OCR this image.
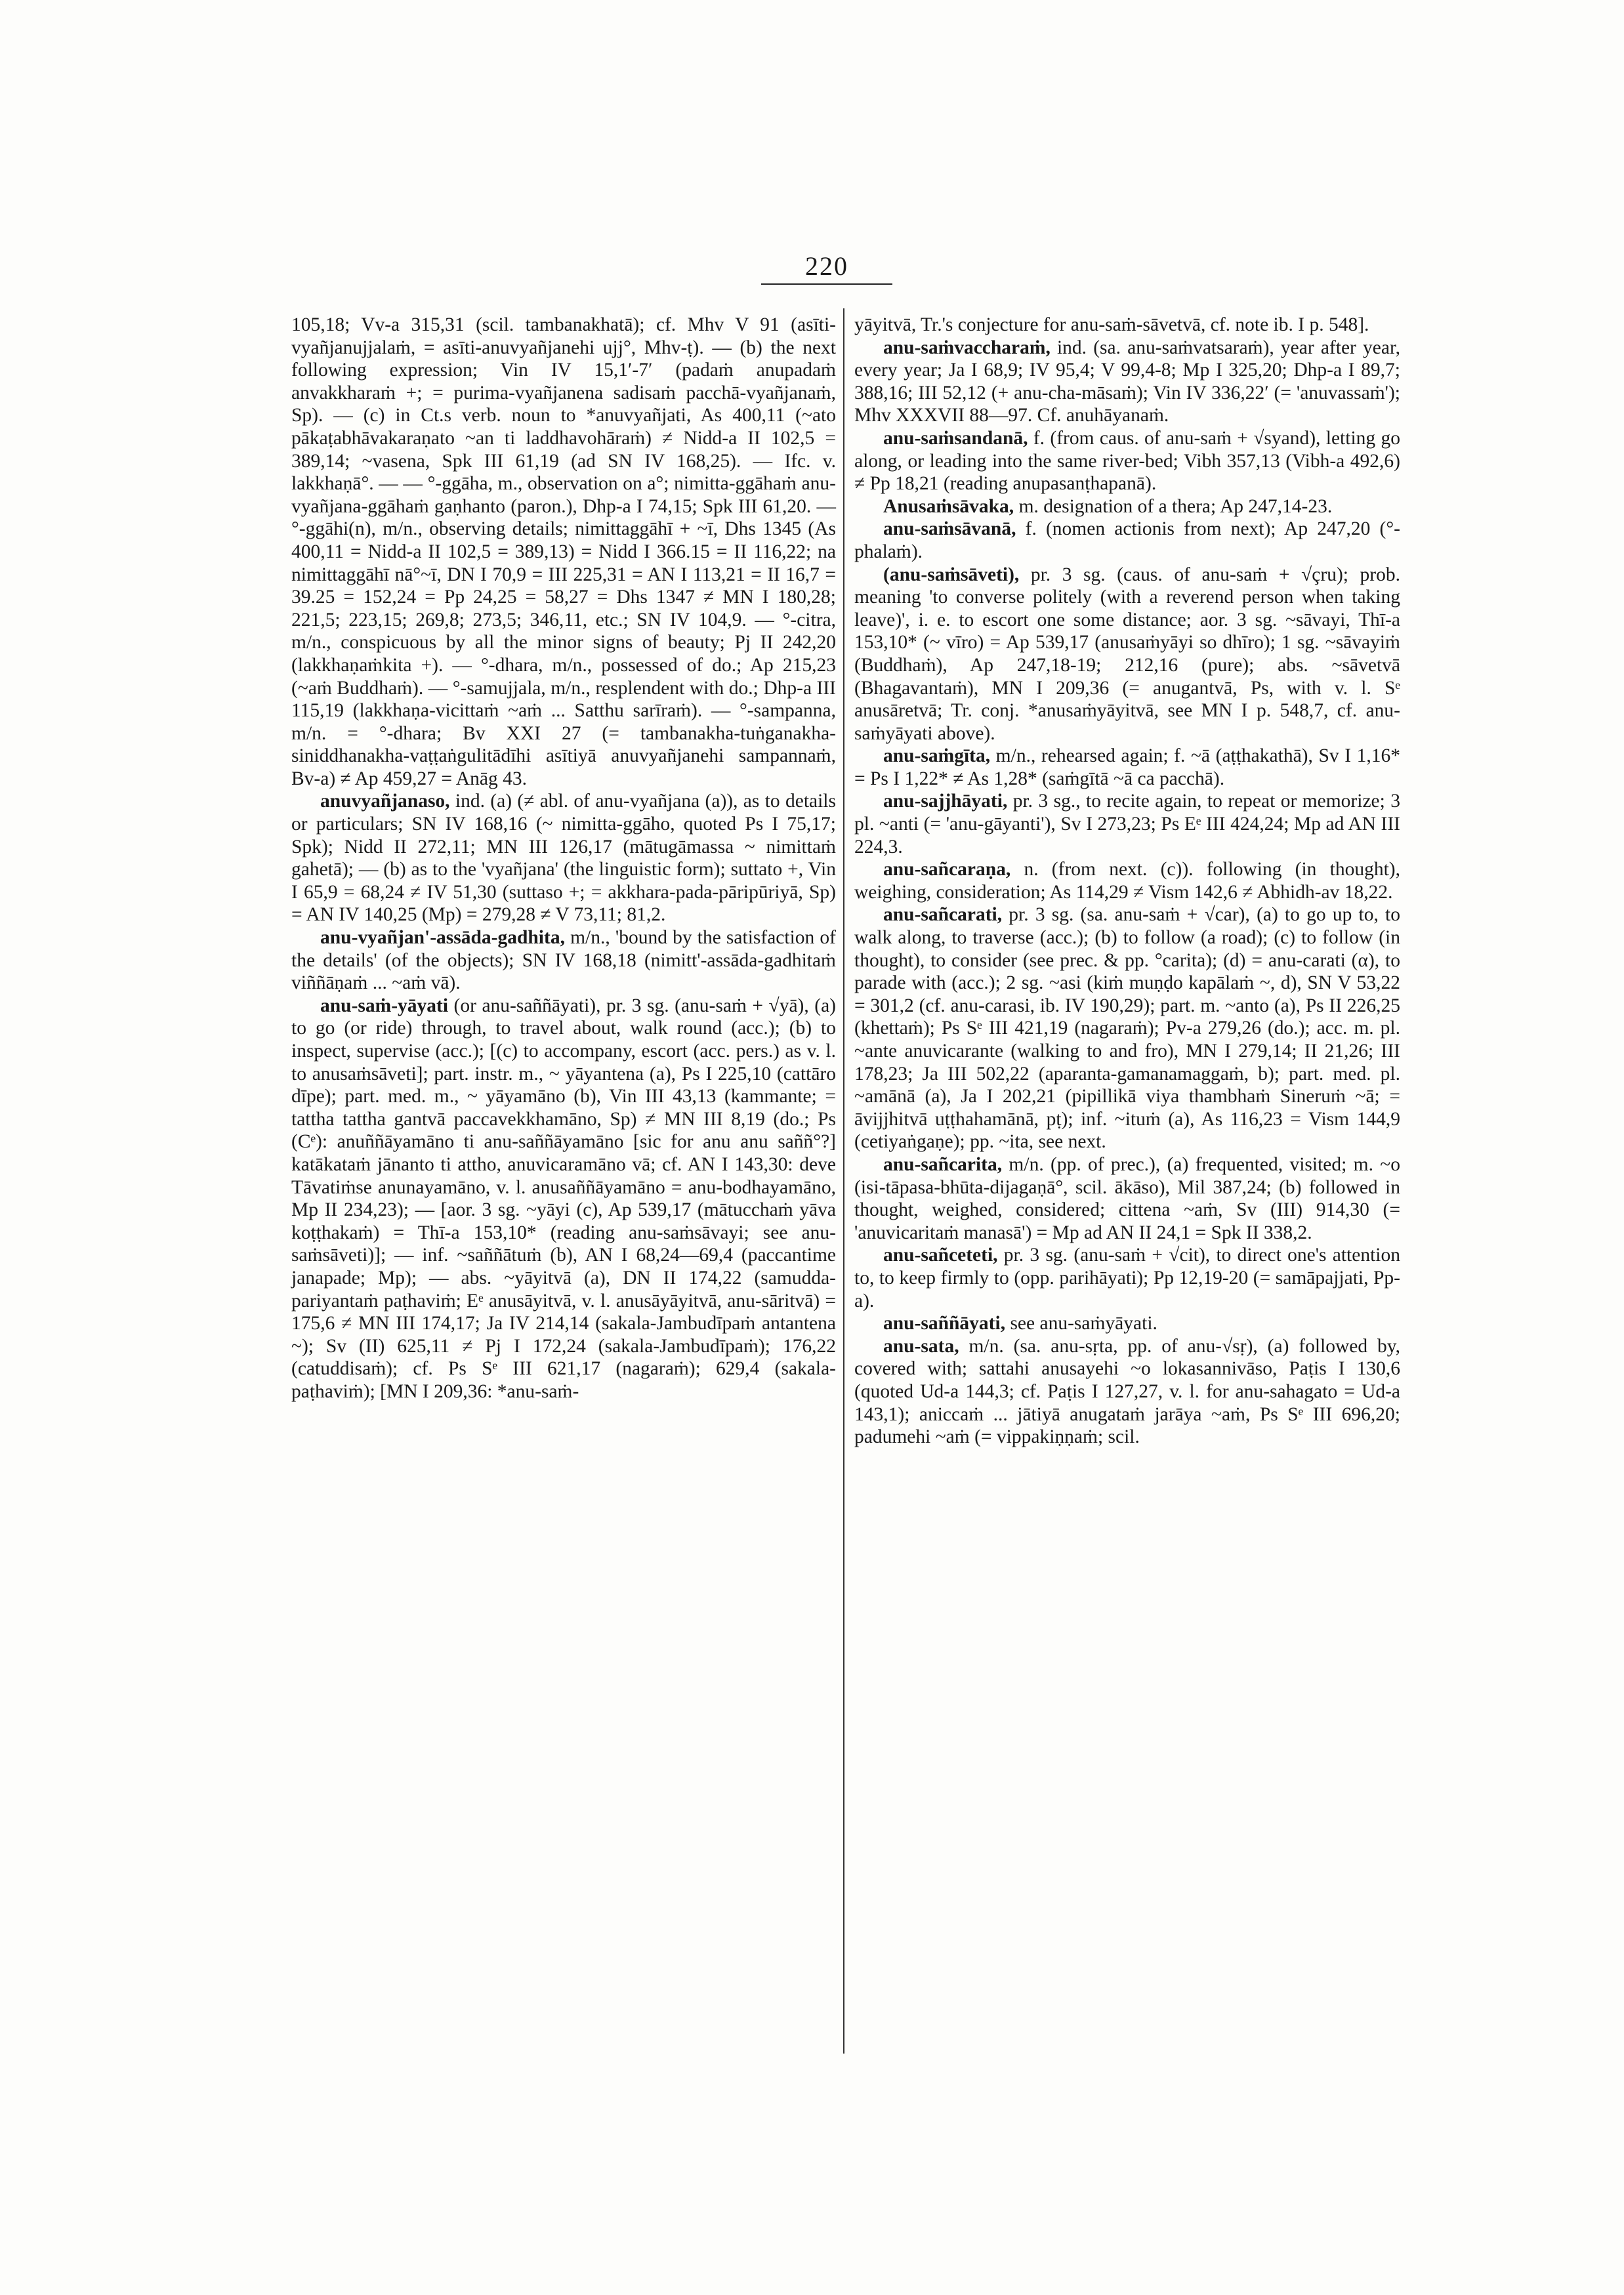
220

105,18; Vv-a 315,31 (scil. tambanakhatā); cf. Mhv V 91 (asīti-vyañjanujjalaṁ, = asīti-anuvyañjanehi ujj°, Mhv-ṭ). — (b) the next following expression; Vin IV 15,1′-7′ (padaṁ anupadaṁ anvakkharaṁ +; = purima-vyañjanena sadisaṁ pacchā-vyañjanaṁ, Sp). — (c) in Ct.s verb. noun to *anuvyañjati, As 400,11 (~ato pākaṭabhāvakaraṇato ~an ti laddhavohāraṁ) ≠ Nidd-a II 102,5 = 389,14; ~vasena, Spk III 61,19 (ad SN IV 168,25). — Ifc. v. lakkhaṇā°. — — °-ggāha, m., observation on a°; nimitta-ggāhaṁ anu-vyañjana-ggāhaṁ gaṇhanto (paron.), Dhp-a I 74,15; Spk III 61,20. — °-ggāhi(n), m/n., observing details; nimittaggāhī + ~ī, Dhs 1345 (As 400,11 = Nidd-a II 102,5 = 389,13) = Nidd I 366.15 = II 116,22; na nimittaggāhī nā°~ī, DN I 70,9 = III 225,31 = AN I 113,21 = II 16,7 = 39.25 = 152,24 = Pp 24,25 = 58,27 = Dhs 1347 ≠ MN I 180,28; 221,5; 223,15; 269,8; 273,5; 346,11, etc.; SN IV 104,9. — °-citra, m/n., conspicuous by all the minor signs of beauty; Pj II 242,20 (lakkhaṇaṁkita +). — °-dhara, m/n., possessed of do.; Ap 215,23 (~aṁ Buddhaṁ). — °-samujjala, m/n., resplendent with do.; Dhp-a III 115,19 (lakkhaṇa-vicittaṁ ~aṁ ... Satthu sarīraṁ). — °-sampanna, m/n. = °-dhara; Bv XXI 27 (= tambanakha-tuṅganakha-siniddhanakha-vaṭṭaṅgulitādīhi asītiyā anuvyañjanehi sampannaṁ, Bv-a) ≠ Ap 459,27 = Anāg 43.

anuvyañjanaso, ind. (a) (≠ abl. of anu-vyañjana (a)), as to details or particulars; SN IV 168,16 (~ nimitta-ggāho, quoted Ps I 75,17; Spk); Nidd II 272,11; MN III 126,17 (mātugāmassa ~ nimittaṁ gahetā); — (b) as to the 'vyañjana' (the linguistic form); suttato +, Vin I 65,9 = 68,24 ≠ IV 51,30 (suttaso +; = akkhara-pada-pāripūriyā, Sp) = AN IV 140,25 (Mp) = 279,28 ≠ V 73,11; 81,2.

anu-vyañjan'-assāda-gadhita, m/n., 'bound by the satisfaction of the details' (of the objects); SN IV 168,18 (nimitt'-assāda-gadhitaṁ viññāṇaṁ ... ~aṁ vā).

anu-saṁ-yāyati (or anu-saññāyati), pr. 3 sg. (anu-saṁ + √yā), (a) to go (or ride) through, to travel about, walk round (acc.); (b) to inspect, supervise (acc.); [(c) to accompany, escort (acc. pers.) as v. l. to anusaṁsāveti]; part. instr. m., ~ yāyantena (a), Ps I 225,10 (cattāro dīpe); part. med. m., ~ yāyamāno (b), Vin III 43,13 (kammante; = tattha tattha gantvā paccavekkhamāno, Sp) ≠ MN III 8,19 (do.; Ps (Cᵉ): anuññāyamāno ti anu-saññāyamāno [sic for anu anu saññ°?] katākataṁ jānanto ti attho, anuvicaramāno vā; cf. AN I 143,30: deve Tāvatiṁse anunayamāno, v. l. anusaññāyamāno = anu-bodhayamāno, Mp II 234,23); — [aor. 3 sg. ~yāyi (c), Ap 539,17 (mātucchaṁ yāva koṭṭhakaṁ) = Thī-a 153,10* (reading anu-saṁsāvayi; see anu-saṁsāveti)]; — inf. ~saññātuṁ (b), AN I 68,24—69,4 (paccantime janapade; Mp); — abs. ~yāyitvā (a), DN II 174,22 (samudda-pariyantaṁ paṭhaviṁ; Eᵉ anusāyitvā, v. l. anusāyāyitvā, anu-sāritvā) = 175,6 ≠ MN III 174,17; Ja IV 214,14 (sakala-Jambudīpaṁ antantena ~); Sv (II) 625,11 ≠ Pj I 172,24 (sakala-Jambudīpaṁ); 176,22 (catuddisaṁ); cf. Ps Sᵉ III 621,17 (nagaraṁ); 629,4 (sakala-paṭhaviṁ); [MN I 209,36: *anu-saṁ-

yāyitvā, Tr.'s conjecture for anu-saṁ-sāvetvā, cf. note ib. I p. 548].

anu-saṁvaccharaṁ, ind. (sa. anu-saṁvatsaraṁ), year after year, every year; Ja I 68,9; IV 95,4; V 99,4-8; Mp I 325,20; Dhp-a I 89,7; 388,16; III 52,12 (+ anu-cha-māsaṁ); Vin IV 336,22′ (= 'anuvassaṁ'); Mhv XXXVII 88—97. Cf. anuhāyanaṁ.

anu-saṁsandanā, f. (from caus. of anu-saṁ + √syand), letting go along, or leading into the same river-bed; Vibh 357,13 (Vibh-a 492,6) ≠ Pp 18,21 (reading anupasanṭhapanā).

Anusaṁsāvaka, m. designation of a thera; Ap 247,14-23.

anu-saṁsāvanā, f. (nomen actionis from next); Ap 247,20 (°-phalaṁ).

(anu-saṁsāveti), pr. 3 sg. (caus. of anu-saṁ + √çru); prob. meaning 'to converse politely (with a reverend person when taking leave)', i. e. to escort one some distance; aor. 3 sg. ~sāvayi, Thī-a 153,10* (~ vīro) = Ap 539,17 (anusaṁyāyi so dhīro); 1 sg. ~sāvayiṁ (Buddhaṁ), Ap 247,18-19; 212,16 (pure); abs. ~sāvetvā (Bhagavantaṁ), MN I 209,36 (= anugantvā, Ps, with v. l. Sᵉ anusāretvā; Tr. conj. *anusaṁyāyitvā, see MN I p. 548,7, cf. anu-saṁyāyati above).

anu-saṁgīta, m/n., rehearsed again; f. ~ā (aṭṭhakathā), Sv I 1,16* = Ps I 1,22* ≠ As 1,28* (saṁgītā ~ā ca pacchā).

anu-sajjhāyati, pr. 3 sg., to recite again, to repeat or memorize; 3 pl. ~anti (= 'anu-gāyanti'), Sv I 273,23; Ps Eᵉ III 424,24; Mp ad AN III 224,3.

anu-sañcaraṇa, n. (from next. (c)). following (in thought), weighing, consideration; As 114,29 ≠ Vism 142,6 ≠ Abhidh-av 18,22.

anu-sañcarati, pr. 3 sg. (sa. anu-saṁ + √car), (a) to go up to, to walk along, to traverse (acc.); (b) to follow (a road); (c) to follow (in thought), to consider (see prec. & pp. °carita); (d) = anu-carati (α), to parade with (acc.); 2 sg. ~asi (kiṁ muṇḍo kapālaṁ ~, d), SN V 53,22 = 301,2 (cf. anu-carasi, ib. IV 190,29); part. m. ~anto (a), Ps II 226,25 (khettaṁ); Ps Sᵉ III 421,19 (nagaraṁ); Pv-a 279,26 (do.); acc. m. pl. ~ante anuvicarante (walking to and fro), MN I 279,14; II 21,26; III 178,23; Ja III 502,22 (aparanta-gamanamaggaṁ, b); part. med. pl. ~amānā (a), Ja I 202,21 (pipillikā viya thambhaṁ Sineruṁ ~ā; = āvijjhitvā uṭṭhahamānā, pṭ); inf. ~ituṁ (a), As 116,23 = Vism 144,9 (cetiyaṅgaṇe); pp. ~ita, see next.

anu-sañcarita, m/n. (pp. of prec.), (a) frequented, visited; m. ~o (isi-tāpasa-bhūta-dijagaṇā°, scil. ākāso), Mil 387,24; (b) followed in thought, weighed, considered; cittena ~aṁ, Sv (III) 914,30 (= 'anuvicaritaṁ manasā') = Mp ad AN II 24,1 = Spk II 338,2.

anu-sañceteti, pr. 3 sg. (anu-saṁ + √cit), to direct one's attention to, to keep firmly to (opp. parihāyati); Pp 12,19-20 (= samāpajjati, Pp-a).

anu-saññāyati, see anu-saṁyāyati.

anu-sata, m/n. (sa. anu-sṛta, pp. of anu-√sṛ), (a) followed by, covered with; sattahi anusayehi ~o lokasannivāso, Paṭis I 130,6 (quoted Ud-a 144,3; cf. Paṭis I 127,27, v. l. for anu-sahagato = Ud-a 143,1); aniccaṁ ... jātiyā anugataṁ jarāya ~aṁ, Ps Sᵉ III 696,20; padumehi ~aṁ (= vippakiṇṇaṁ; scil.
